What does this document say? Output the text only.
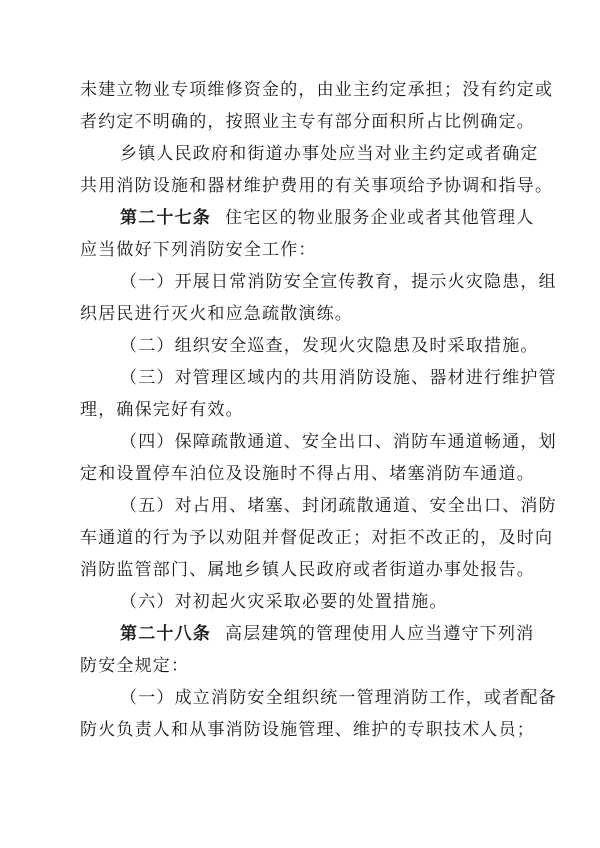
未建立物业专项维修资金的，由业主约定承担；没有约定或
者约定不明确的，按照业主专有部分面积所占比例确定。
乡镇人民政府和街道办事处应当对业主约定或者确定
共用消防设施和器材维护费用的有关事项给予协调和指导。
第二十七条 住宅区的物业服务企业或者其他管理人
应当做好下列消防安全工作：
（一）开展日常消防安全宣传教育，提示火灾隐患，组
织居民进行灭火和应急疏散演练。
（二）组织安全巡查，发现火灾隐患及时采取措施。
（三）对管理区域内的共用消防设施、器材进行维护管
理，确保完好有效。
（四）保障疏散通道、安全出口、消防车通道畅通，划
定和设置停车泊位及设施时不得占用、堵塞消防车通道。
（五）对占用、堵塞、封闭疏散通道、安全出口、消防
车通道的行为予以劝阻并督促改正；对拒不改正的，及时向
消防监管部门、属地乡镇人民政府或者街道办事处报告。
（六）对初起火灾采取必要的处置措施。
第二十八条 高层建筑的管理使用人应当遵守下列消
防安全规定：
（一）成立消防安全组织统一管理消防工作，或者配备
防火负责人和从事消防设施管理、维护的专职技术人员；
